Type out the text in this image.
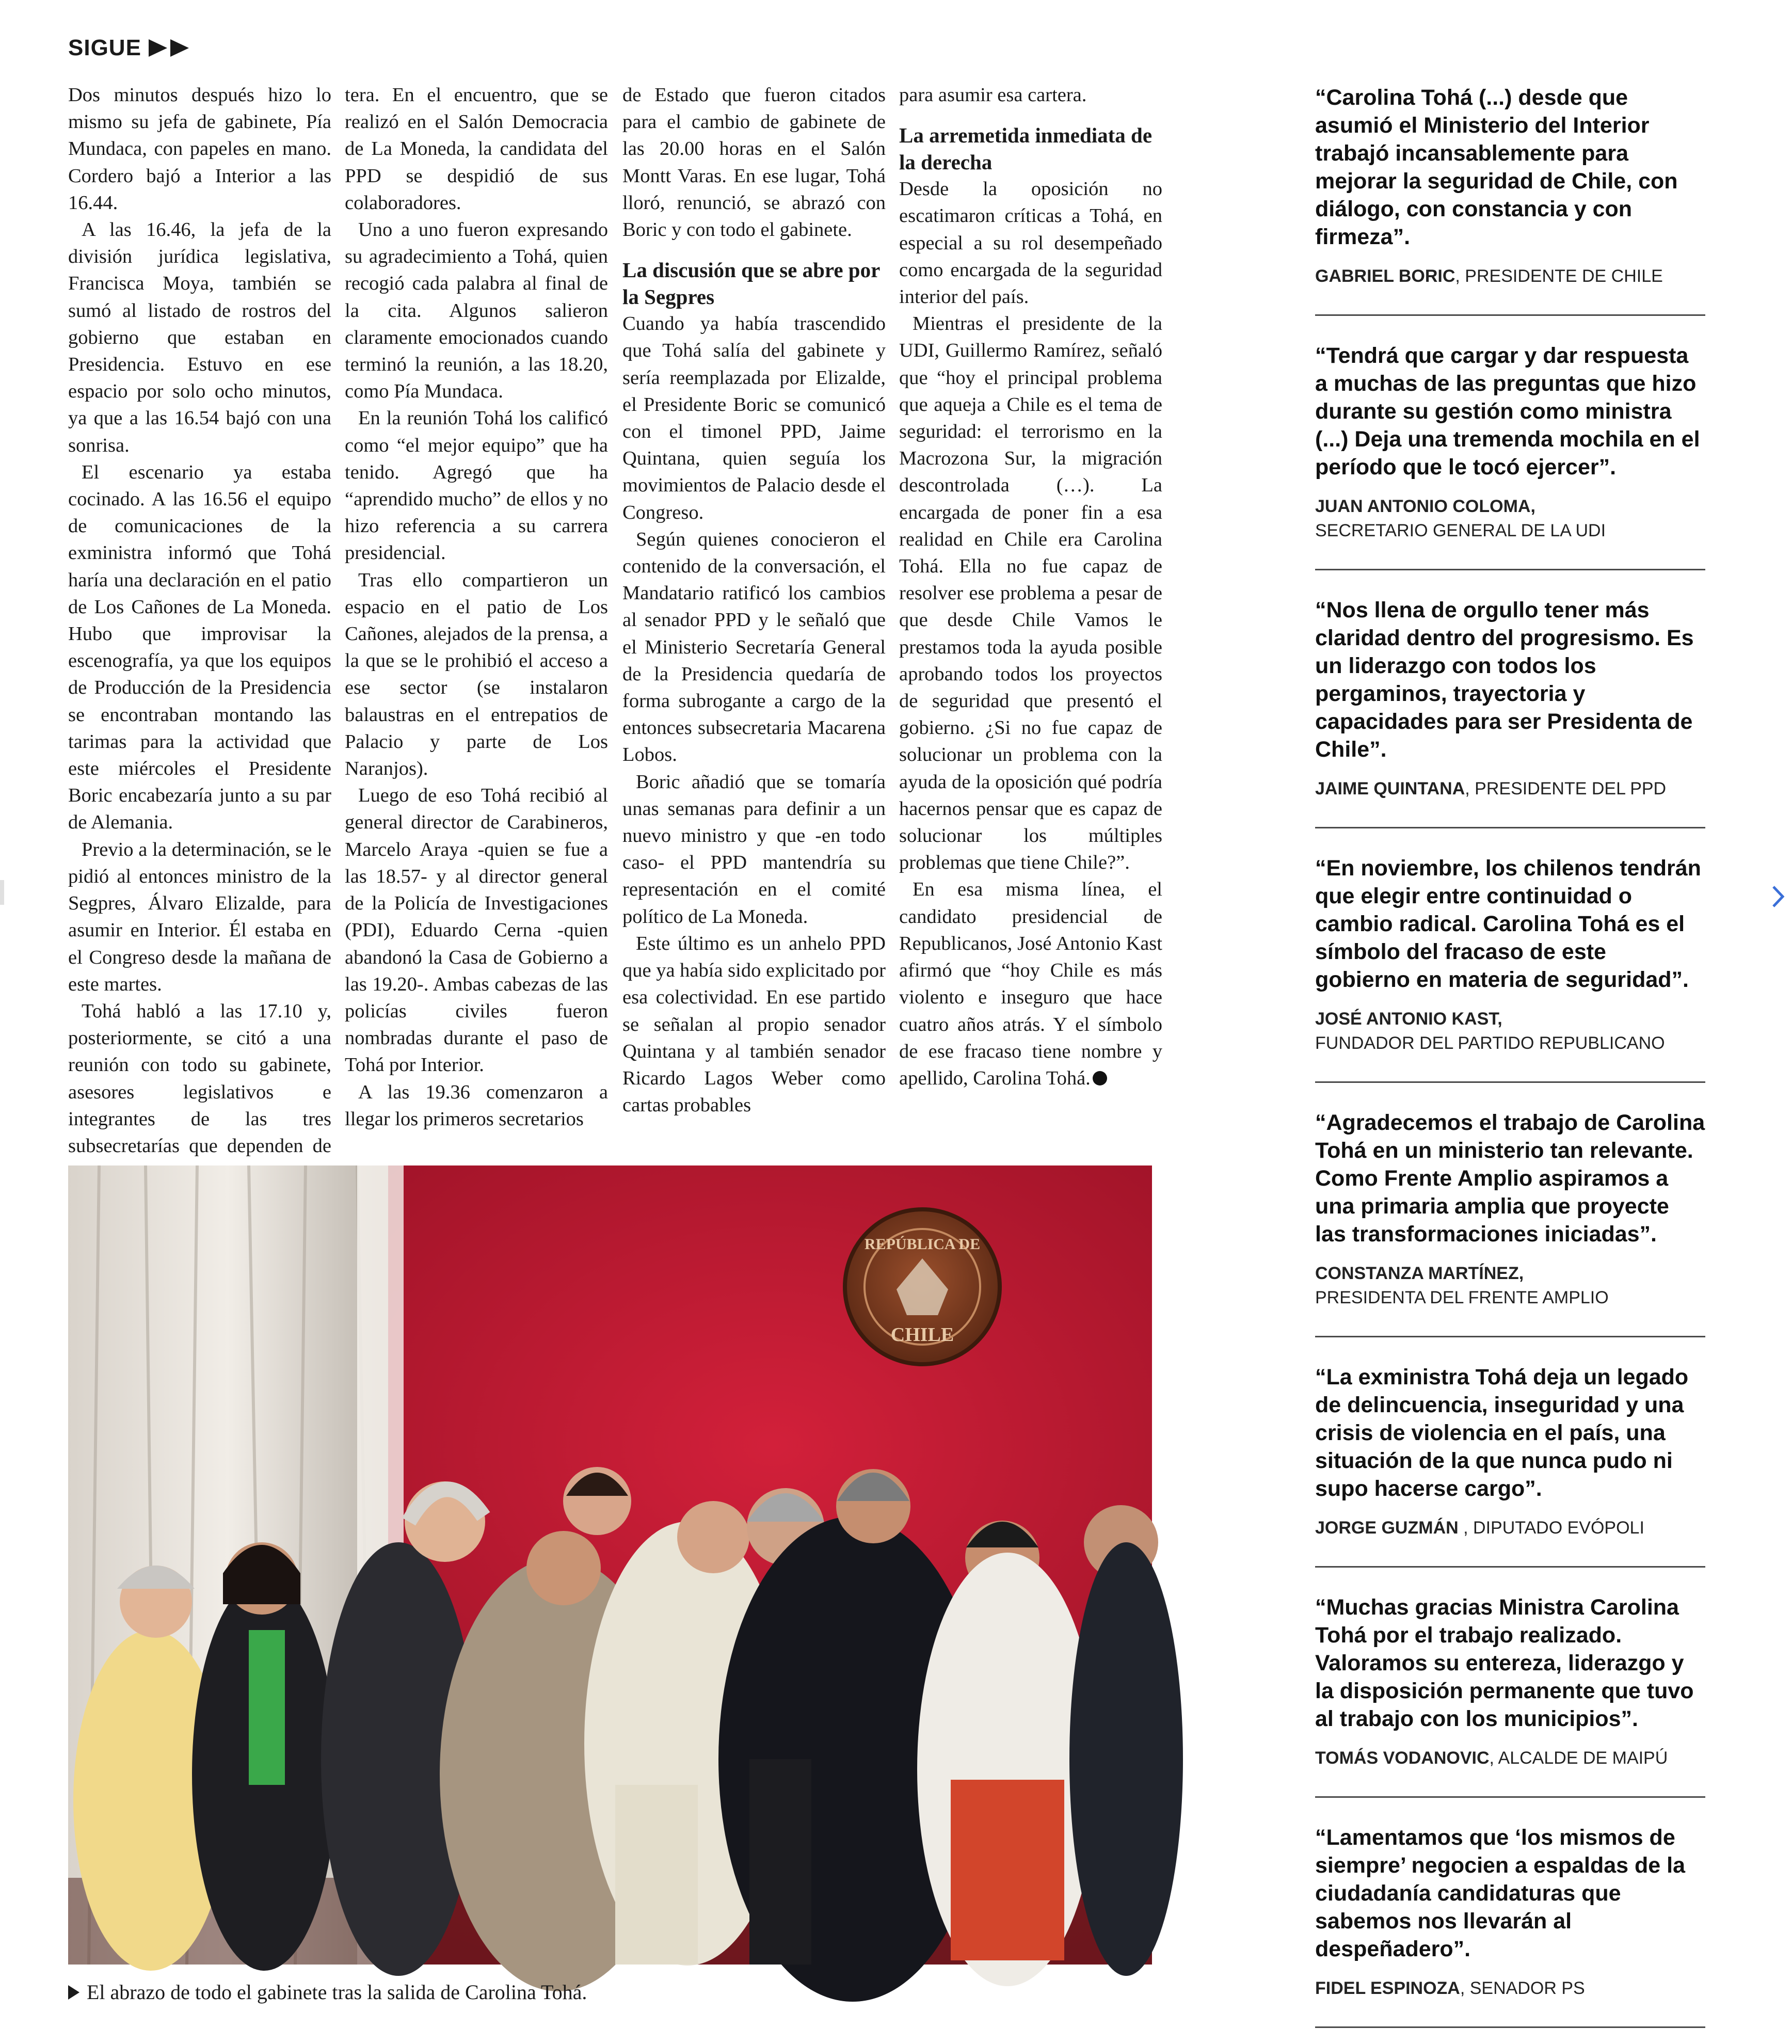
SIGUE

Dos minutos después hizo lo mismo su jefa de gabinete, Pía Mundaca, con papeles en mano. Cordero bajó a Interior a las 16.44.

A las 16.46, la jefa de la división jurídica legislativa, Francisca Moya, también se sumó al listado de rostros del gobierno que estaban en Presidencia. Estuvo en ese espacio por solo ocho minutos, ya que a las 16.54 bajó con una sonrisa.

El escenario ya estaba cocinado. A las 16.56 el equipo de comunicaciones de la exministra informó que Tohá haría una declaración en el patio de Los Cañones de La Moneda. Hubo que improvisar la escenografía, ya que los equipos de Producción de la Presidencia se encontraban montando las tarimas para la actividad que este miércoles el Presidente Boric encabezaría junto a su par de Alemania.

Previo a la determinación, se le pidió al entonces ministro de la Segpres, Álvaro Elizalde, para asumir en Interior. Él estaba en el Congreso desde la mañana de este martes.

Tohá habló a las 17.10 y, posteriormente, se citó a una reunión con todo su gabinete, asesores legislativos e integrantes de las tres subsecretarías que dependen de

tera. En el encuentro, que se realizó en el Salón Democracia de La Moneda, la candidata del PPD se despidió de sus colaboradores.

Uno a uno fueron expresando su agradecimiento a Tohá, quien recogió cada palabra al final de la cita. Algunos salieron claramente emocionados cuando terminó la reunión, a las 18.20, como Pía Mundaca.

En la reunión Tohá los calificó como “el mejor equipo” que ha tenido. Agregó que ha “aprendido mucho” de ellos y no hizo referencia a su carrera presidencial.

Tras ello compartieron un espacio en el patio de Los Cañones, alejados de la prensa, a la que se le prohibió el acceso a ese sector (se instalaron balaustras en el entrepatios de Palacio y parte de Los Naranjos).

Luego de eso Tohá recibió al general director de Carabineros, Marcelo Araya -quien se fue a las 18.57- y al director general de la Policía de Investigaciones (PDI), Eduardo Cerna -quien abandonó la Casa de Gobierno a las 19.20-. Ambas cabezas de las policías civiles fueron nombradas durante el paso de Tohá por Interior.

A las 19.36 comenzaron a llegar los primeros secretarios

de Estado que fueron citados para el cambio de gabinete de las 20.00 horas en el Salón Montt Varas. En ese lugar, Tohá lloró, renunció, se abrazó con Boric y con todo el gabinete.

La discusión que se abre por la Segpres

Cuando ya había trascendido que Tohá salía del gabinete y sería reemplazada por Elizalde, el Presidente Boric se comunicó con el timonel PPD, Jaime Quintana, quien seguía los movimientos de Palacio desde el Congreso.

Según quienes conocieron el contenido de la conversación, el Mandatario ratificó los cambios al senador PPD y le señaló que el Ministerio Secretaría General de la Presidencia quedaría de forma subrogante a cargo de la entonces subsecretaria Macarena Lobos.

Boric añadió que se tomaría unas semanas para definir a un nuevo ministro y que -en todo caso- el PPD mantendría su representación en el comité político de La Moneda.

Este último es un anhelo PPD que ya había sido explicitado por esa colectividad. En ese partido se señalan al propio senador Quintana y al también senador Ricardo Lagos Weber como cartas probables

para asumir esa cartera.

La arremetida inmediata de la derecha

Desde la oposición no escatimaron críticas a Tohá, en especial a su rol desempeñado como encargada de la seguridad interior del país.

Mientras el presidente de la UDI, Guillermo Ramírez, señaló que “hoy el principal problema que aqueja a Chile es el tema de seguridad: el terrorismo en la Macrozona Sur, la migración descontrolada (…). La encargada de poner fin a esa realidad en Chile era Carolina Tohá. Ella no fue capaz de resolver ese problema a pesar de que desde Chile Vamos le prestamos toda la ayuda posible aprobando todos los proyectos de seguridad que presentó el gobierno. ¿Si no fue capaz de solucionar un problema con la ayuda de la oposición qué podría hacernos pensar que es capaz de solucionar los múltiples problemas que tiene Chile?”.

En esa misma línea, el candidato presidencial de Republicanos, José Antonio Kast afirmó que “hoy Chile es más violento e inseguro que hace cuatro años atrás. Y el símbolo de ese fracaso tiene nombre y apellido, Carolina Tohá.

REPÚBLICA DE
CHILE
El abrazo de todo el gabinete tras la salida de Carolina Tohá.
“Carolina Tohá (...) desde que asumió el Ministerio del Interior trabajó incansablemente para mejorar la seguridad de Chile, con diálogo, con constancia y con firmeza”.
GABRIEL BORIC, PRESIDENTE DE CHILE
“Tendrá que cargar y dar respuesta a muchas de las preguntas que hizo durante su gestión como ministra (...) Deja una tremenda mochila en el período que le tocó ejercer”.
JUAN ANTONIO COLOMA,
SECRETARIO GENERAL DE LA UDI
“Nos llena de orgullo tener más claridad dentro del progresismo. Es un liderazgo con todos los pergaminos, trayectoria y capacidades para ser Presidenta de Chile”.
JAIME QUINTANA, PRESIDENTE DEL PPD
“En noviembre, los chilenos tendrán que elegir entre continuidad o cambio radical. Carolina Tohá es el símbolo del fracaso de este gobierno en materia de seguridad”.
JOSÉ ANTONIO KAST,
FUNDADOR DEL PARTIDO REPUBLICANO
“Agradecemos el trabajo de Carolina Tohá en un ministerio tan relevante. Como Frente Amplio aspiramos a una primaria amplia que proyecte las transformaciones iniciadas”.
CONSTANZA MARTÍNEZ,
PRESIDENTA DEL FRENTE AMPLIO
“La exministra Tohá deja un legado de delincuencia, inseguridad y una crisis de violencia en el país, una situación de la que nunca pudo ni supo hacerse cargo”.
JORGE GUZMÁN , DIPUTADO EVÓPOLI
“Muchas gracias Ministra Carolina Tohá por el trabajo realizado. Valoramos su entereza, liderazgo y la disposición permanente que tuvo al trabajo con los municipios”.
TOMÁS VODANOVIC, ALCALDE DE MAIPÚ
“Lamentamos que ‘los mismos de siempre’ negocien a espaldas de la ciudadanía candidaturas que sabemos nos llevarán al despeñadero”.
FIDEL ESPINOZA, SENADOR PS
